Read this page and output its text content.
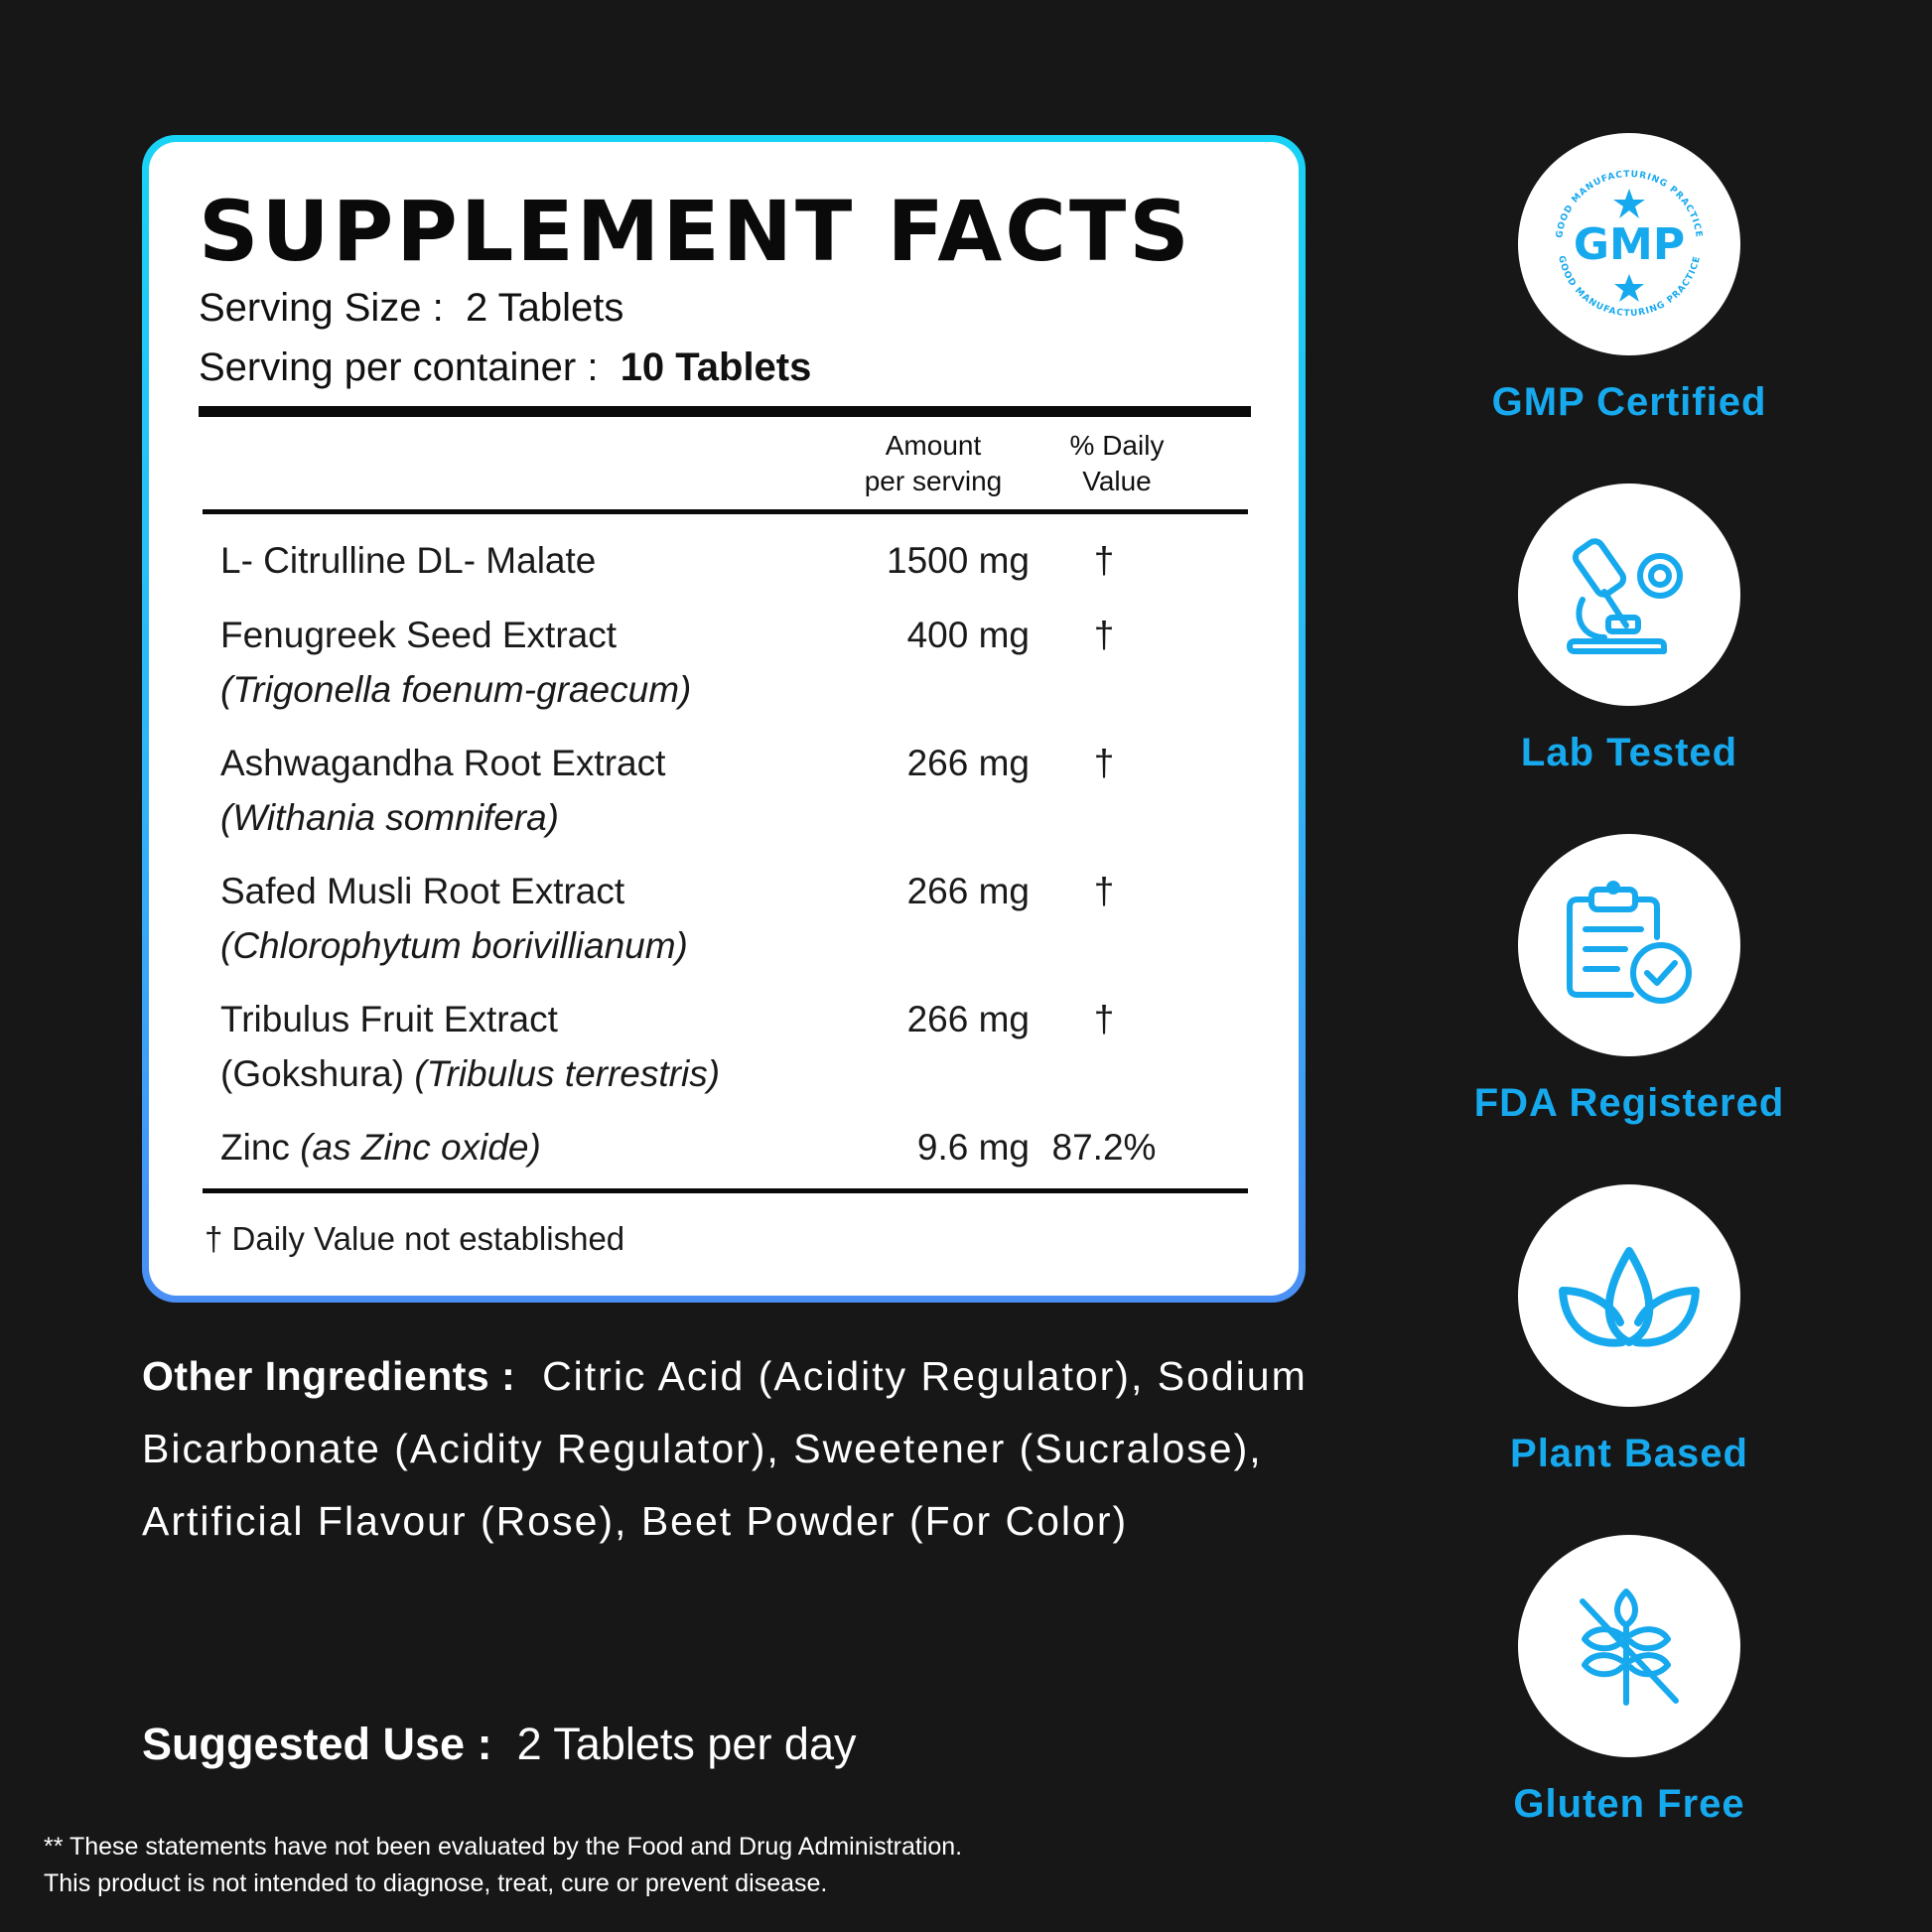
SUPPLEMENT FACTS
Serving Size : 2 Tablets
Serving per container : 10 Tablets
Amount
per serving
% Daily
Value
L- Citrulline DL- Malate	1500 mg	†
Fenugreek Seed Extract
(Trigonella foenum-graecum)
400 mg	†
Ashwagandha Root Extract
(Withania somnifera)
266 mg	†
Safed Musli Root Extract
(Chlorophytum borivillianum)
266 mg	†
Tribulus Fruit Extract
(Gokshura) (Tribulus terrestris)
266 mg	†
Zinc (as Zinc oxide)	9.6 mg 87.2%
† Daily Value not established
Other Ingredients : Citric Acid (Acidity Regulator), Sodium Bicarbonate (Acidity Regulator), Sweetener (Sucralose), Artificial Flavour (Rose), Beet Powder (For Color)
Suggested Use : 2 Tablets per day
** These statements have not been evaluated by the Food and Drug Administration.
This product is not intended to diagnose, treat, cure or prevent disease.
GOOD MANUFACTURING PRACTICE
GOOD MANUFACTURING PRACTICE
GMP
GMP Certified
Lab Tested
FDA Registered
Plant Based
Gluten Free
